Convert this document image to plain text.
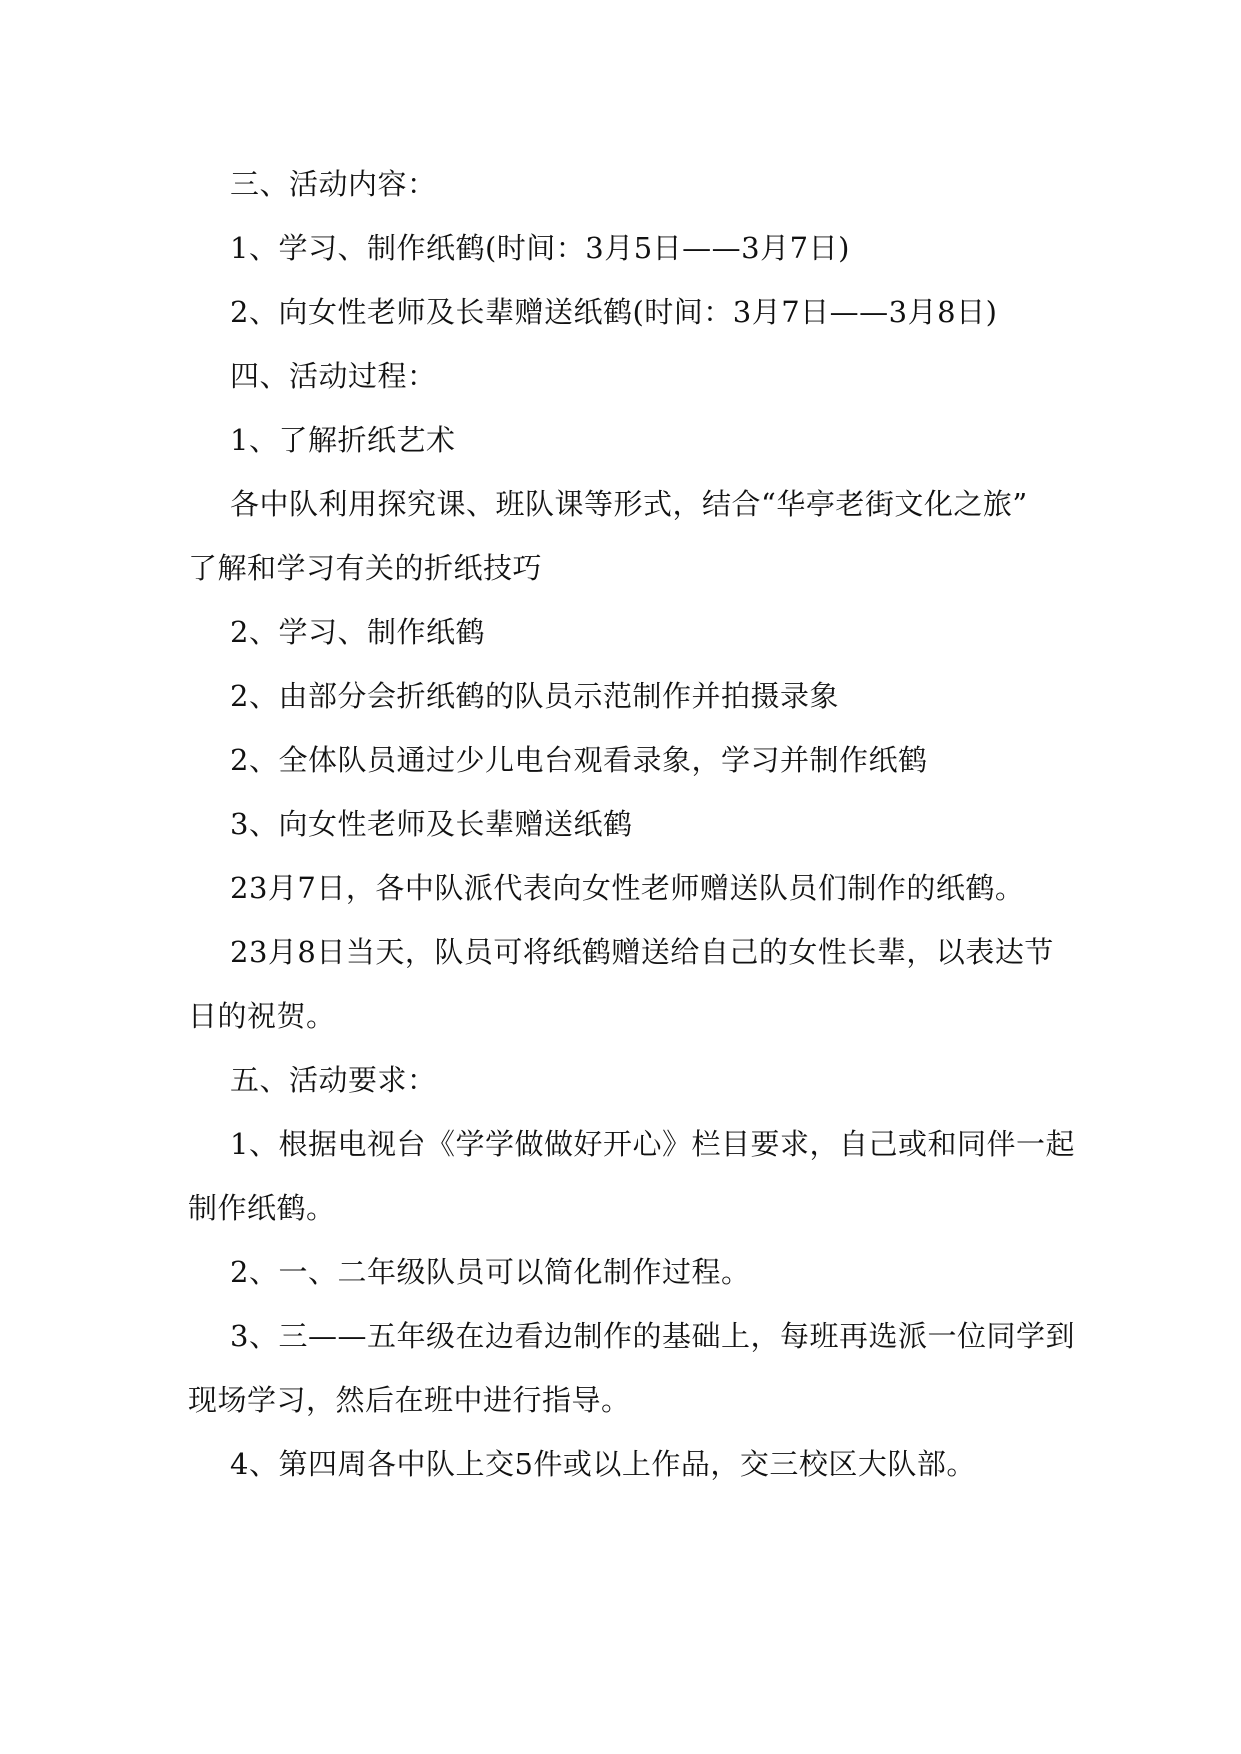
三、活动内容：
1、学习、制作纸鹤(时间：3月5日——3月7日)
2、向女性老师及长辈赠送纸鹤(时间：3月7日——3月8日)
四、活动过程：
1、了解折纸艺术
各中队利用探究课、班队课等形式，结合“华亭老街文化之旅”
了解和学习有关的折纸技巧
2、学习、制作纸鹤
2、由部分会折纸鹤的队员示范制作并拍摄录象
2、全体队员通过少儿电台观看录象，学习并制作纸鹤
3、向女性老师及长辈赠送纸鹤
23月7日，各中队派代表向女性老师赠送队员们制作的纸鹤。
23月8日当天，队员可将纸鹤赠送给自己的女性长辈，以表达节
日的祝贺。
五、活动要求：
1、根据电视台《学学做做好开心》栏目要求，自己或和同伴一起
制作纸鹤。
2、一、二年级队员可以简化制作过程。
3、三——五年级在边看边制作的基础上，每班再选派一位同学到
现场学习，然后在班中进行指导。
4、第四周各中队上交5件或以上作品，交三校区大队部。
